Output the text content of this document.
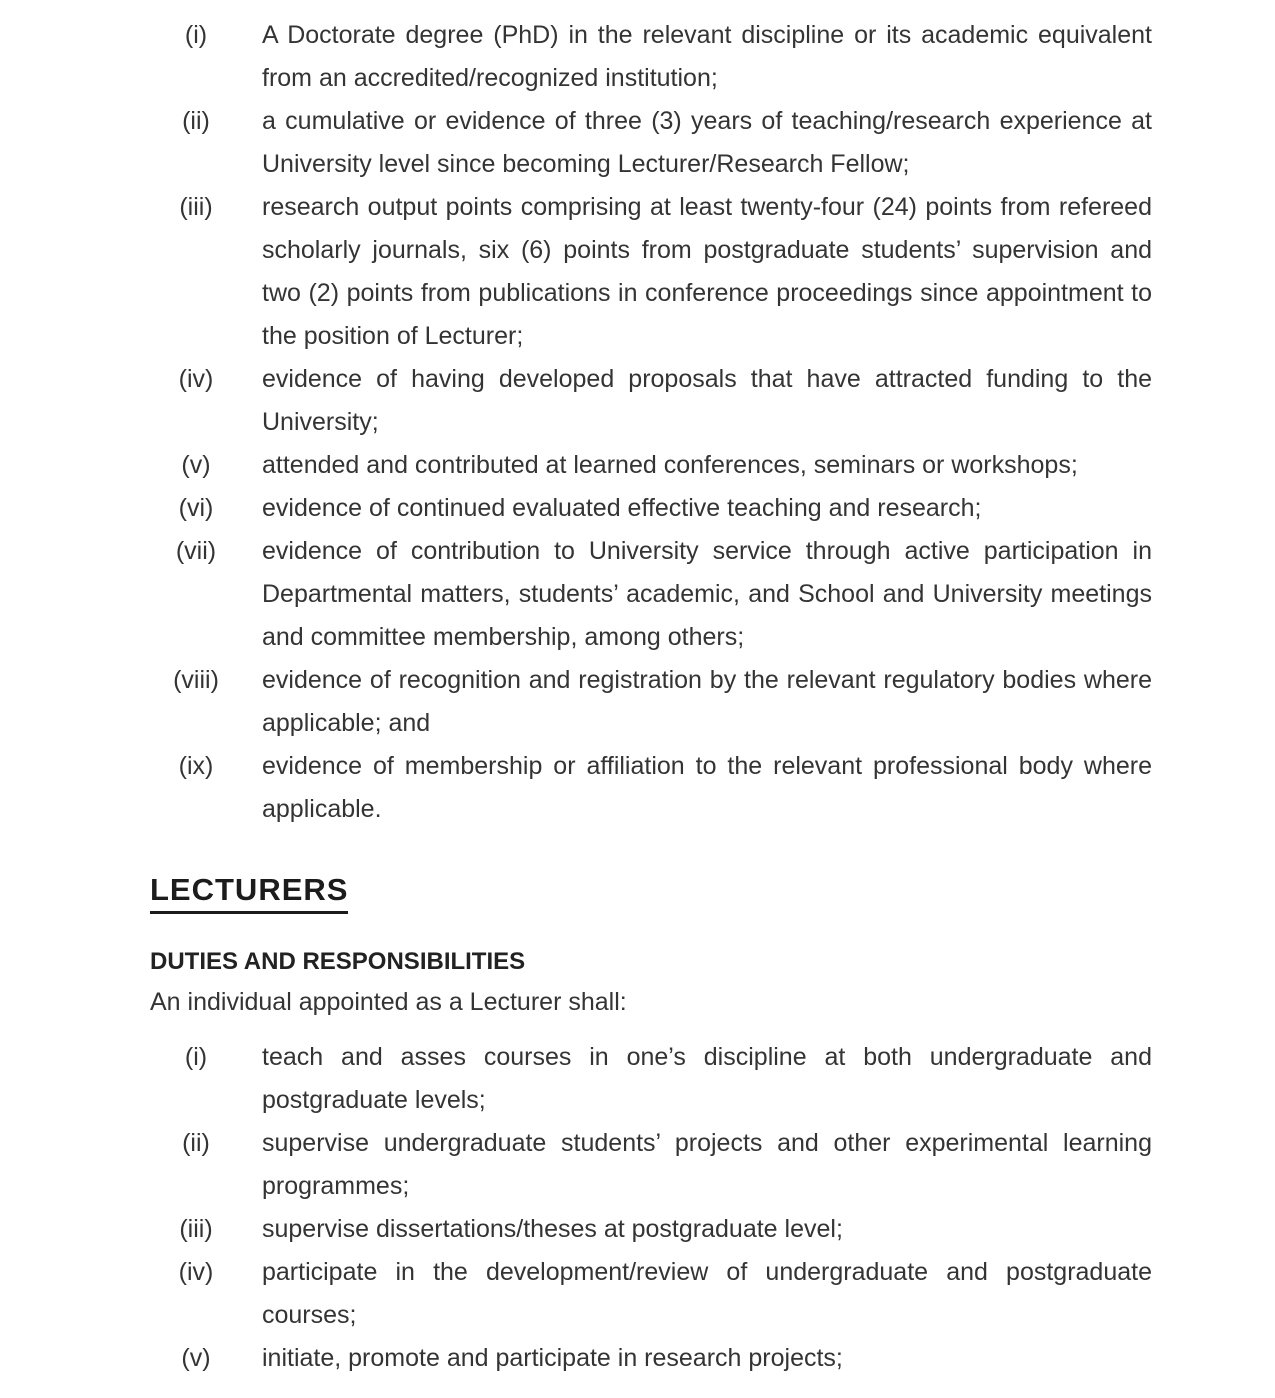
(i)	A Doctorate degree (PhD) in the relevant discipline or its academic equivalent from an accredited/recognized institution;
(ii)	a cumulative or evidence of three (3) years of teaching/research experience at University level since becoming Lecturer/Research Fellow;
(iii)	research output points comprising at least twenty-four (24) points from refereed scholarly journals, six (6) points from postgraduate students’ supervision and two (2) points from publications in conference proceedings since appointment to the position of Lecturer;
(iv)	evidence of having developed proposals that have attracted funding to the University;
(v)	attended and contributed at learned conferences, seminars or workshops;
(vi)	evidence of continued evaluated effective teaching and research;
(vii)	evidence of contribution to University service through active participation in Departmental matters, students’ academic, and School and University meetings and committee membership, among others;
(viii)	evidence of recognition and registration by the relevant regulatory bodies where applicable; and
(ix)	evidence of membership or affiliation to the relevant professional body where applicable.
LECTURERS
DUTIES AND RESPONSIBILITIES

An individual appointed as a Lecturer shall:

(i)	teach and asses courses in one’s discipline at both undergraduate and postgraduate levels;
(ii)	supervise undergraduate students’ projects and other experimental learning programmes;
(iii)	supervise dissertations/theses at postgraduate level;
(iv)	participate in the development/review of undergraduate and postgraduate courses;
(v)	initiate, promote and participate in research projects;
